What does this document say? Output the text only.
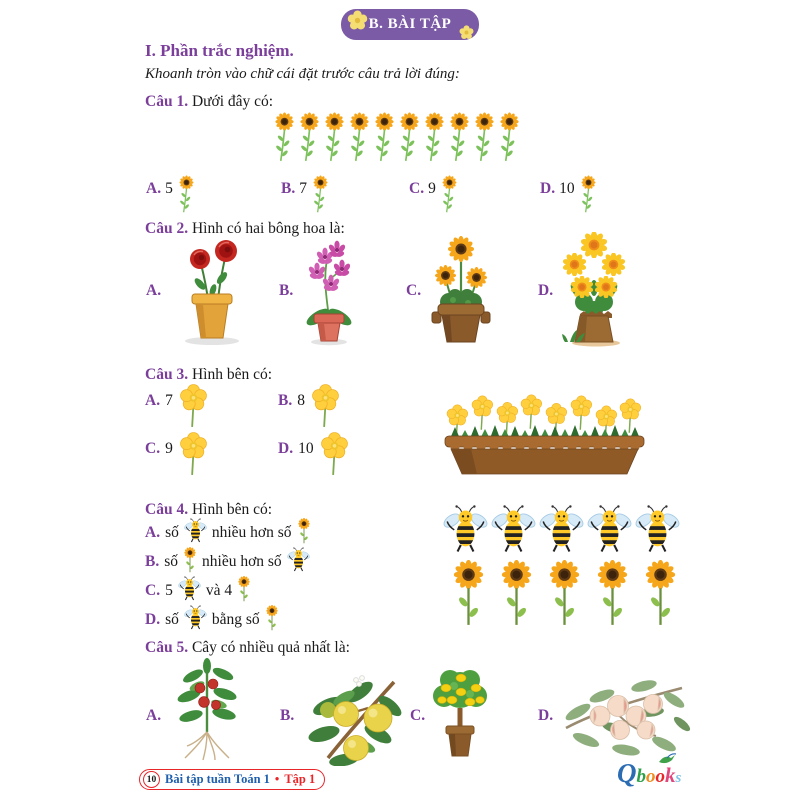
B. BÀI TẬP
I. Phần trắc nghiệm.
Khoanh tròn vào chữ cái đặt trước câu trả lời đúng:
Câu 1. Dưới đây có:
A. 5	B. 7	C. 9	D. 10
Câu 2. Hình có hai bông hoa là:
A.	B.	C.	D.
Câu 3. Hình bên có:
A. 7	B. 8
C. 9	D. 10
Câu 4. Hình bên có:
A. số nhiều hơn số
B. số nhiều hơn số
C. 5 và 4
D. số bằng số
Câu 5. Cây có nhiều quả nhất là:
A.	B.	C.	D.
10 Bài tập tuần Toán 1 • Tập 1	Qbooks
